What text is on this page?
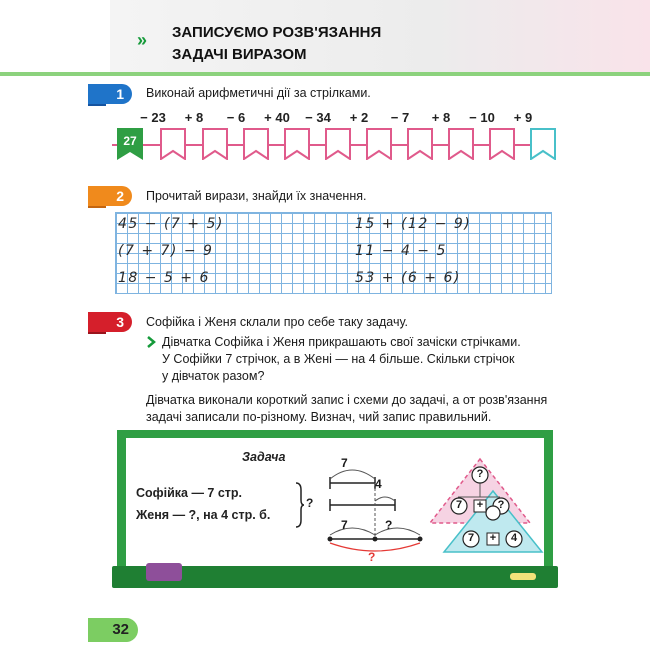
» ЗАПИСУЄМО РОЗВ'ЯЗАННЯ
ЗАДАЧІ ВИРАЗОМ
1	Виконай арифметичні дії за стрілками.
27
− 23	+ 8	− 6	+ 40	− 34	+ 2	− 7	+ 8	− 10	+ 9
2	Прочитай вирази, знайди їх значення.
45 − (7 + 5)
(7 + 7) − 9
18 − 5 + 6
15 + (12 − 9)
11 − 4 − 5
53 + (6 + 6)
3	Софійка і Женя склали про себе таку задачу.
Дівчатка Софійка і Женя прикрашають свої зачіски стрічками.
У Софійки 7 стрічок, а в Жені — на 4 більше. Скільки стрічок
у дівчаток разом?
Дівчатка виконали короткий запис і схеми до задачі, а от розв'язання
задачі записали по-різному. Визнач, чий запис правильний.
Задача
Софійка — 7 стр.
Женя — ?, на 4 стр. б.
?
7
4
7	?
?
?
7 + ?
7 + 4
32
